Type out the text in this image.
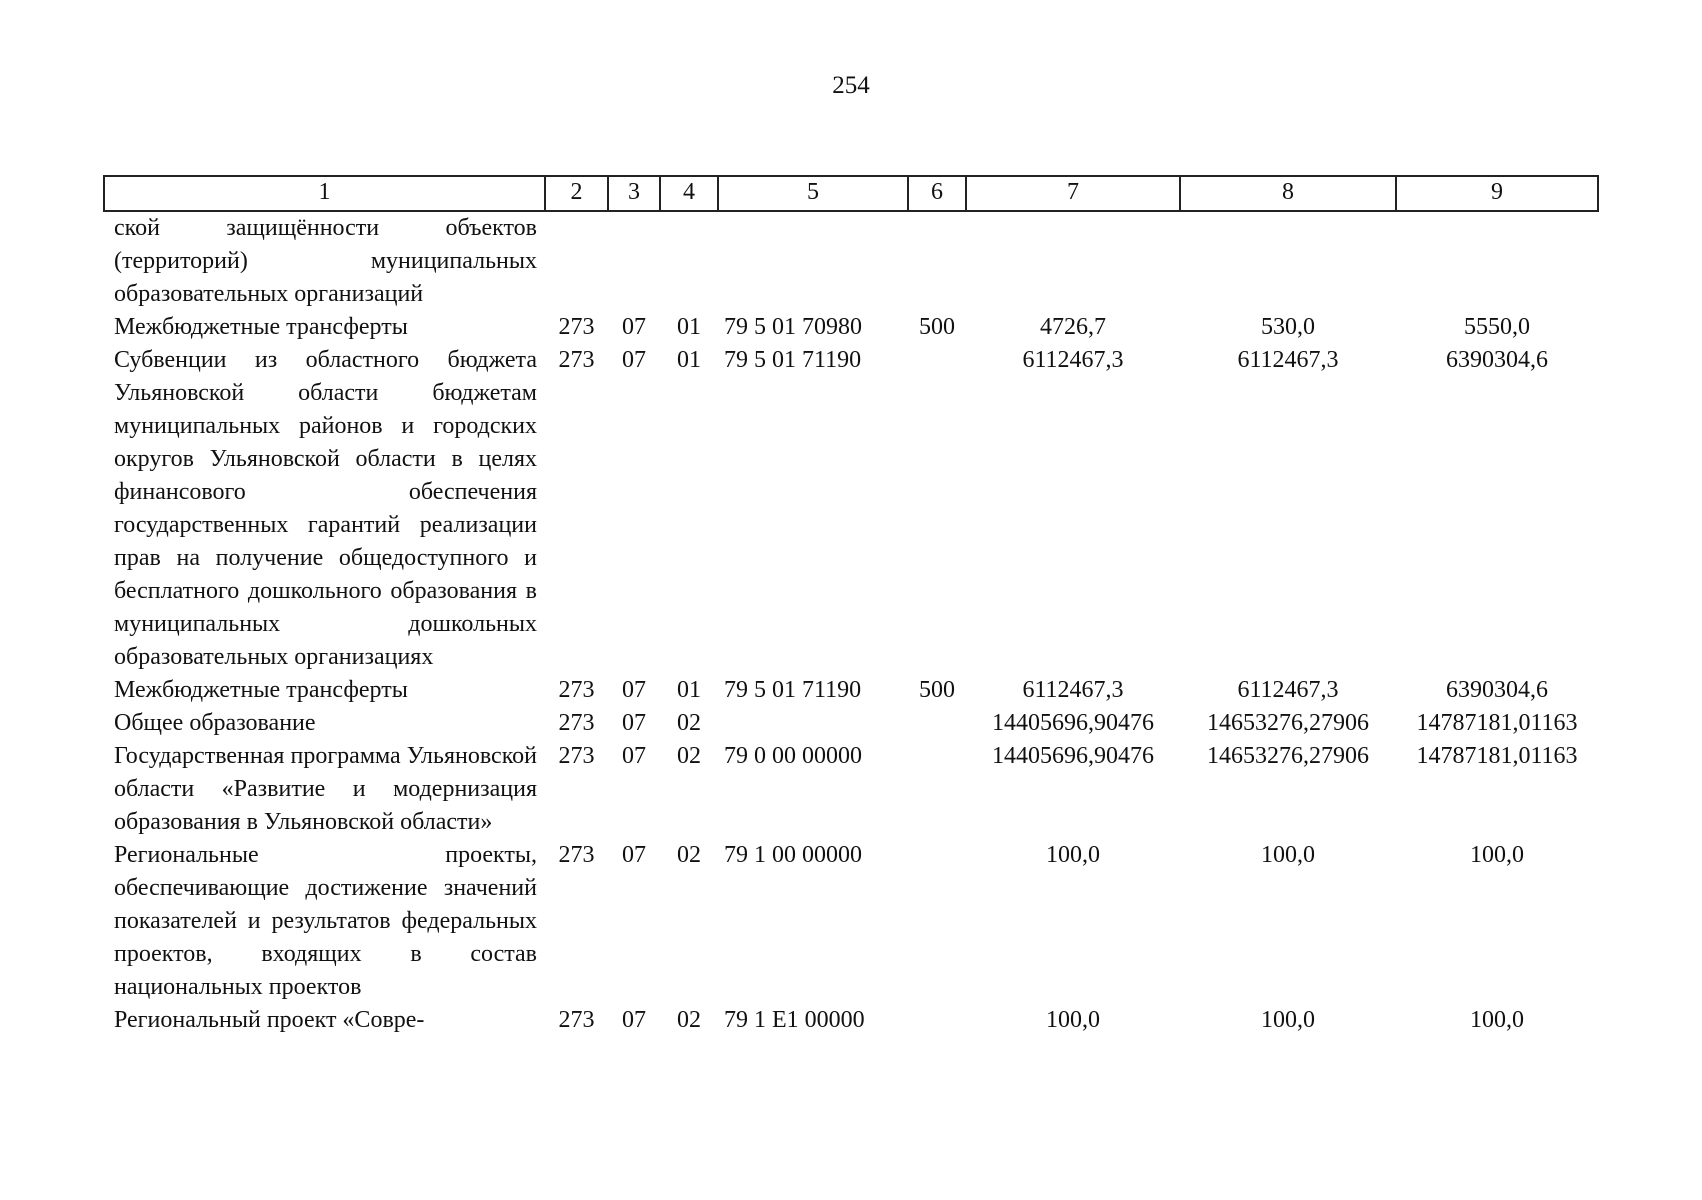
254
1	2	3	4	5	6	7	8	9
ской защищённости объектов (территорий) муниципальных образовательных организаций								
Межбюджетные трансферты	273	07	01	79 5 01 70980	500	4726,7	530,0	5550,0
Субвенции из областного бюджета Ульяновской области бюджетам муниципальных районов и городских округов Ульяновской области в целях финансового обеспечения государственных гарантий реализации прав на получение общедоступного и бесплатного дошкольного образования в муниципальных дошкольных образовательных организациях	273	07	01	79 5 01 71190		6112467,3	6112467,3	6390304,6
Межбюджетные трансферты	273	07	01	79 5 01 71190	500	6112467,3	6112467,3	6390304,6
Общее образование	273	07	02			14405696,90476	14653276,27906	14787181,01163
Государственная программа Ульяновской области «Развитие и модернизация образования в Ульяновской области»	273	07	02	79 0 00 00000		14405696,90476	14653276,27906	14787181,01163
Региональные проекты, обеспечивающие достижение значений показателей и результатов федеральных проектов, входящих в состав национальных проектов	273	07	02	79 1 00 00000		100,0	100,0	100,0
Региональный проект «Совре-	273	07	02	79 1 E1 00000		100,0	100,0	100,0
